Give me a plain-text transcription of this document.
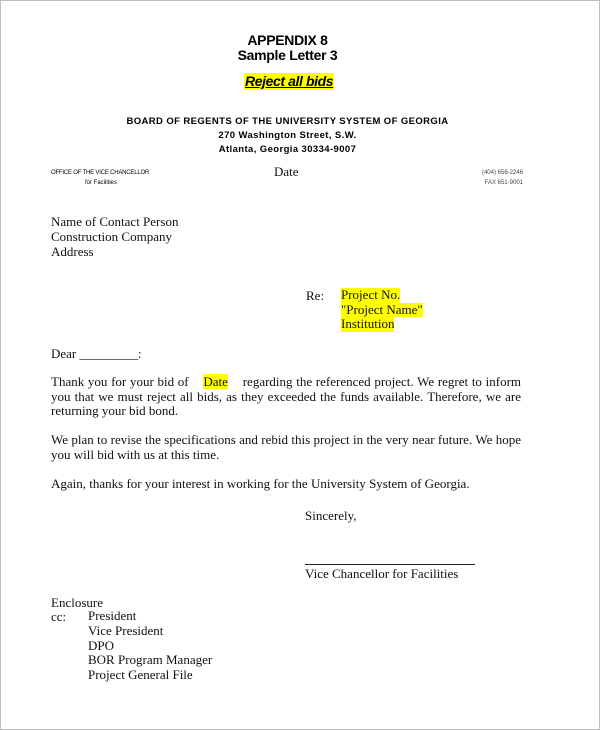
APPENDIX 8
Sample Letter 3
Reject all bids
BOARD OF REGENTS OF THE UNIVERSITY SYSTEM OF GEORGIA
270 Washington Street, S.W.
Atlanta, Georgia 30334-9007
OFFICE OF THE VICE CHANCELLOR
for Facilities
Date	(404) 656-2246
FAX 651-9001
Name of Contact Person
Construction Company
Address
Re: Project No.
"Project Name"
Institution
Dear _________:
Thank you for your bid of Date regarding the referenced project. We regret to inform you that we must reject all bids, as they exceeded the funds available. Therefore, we are returning your bid bond.
We plan to revise the specifications and rebid this project in the very near future. We hope you will bid with us at this time.
Again, thanks for your interest in working for the University System of Georgia.
Sincerely,
Vice Chancellor for Facilities
Enclosure
cc: President
Vice President
DPO
BOR Program Manager
Project General File
